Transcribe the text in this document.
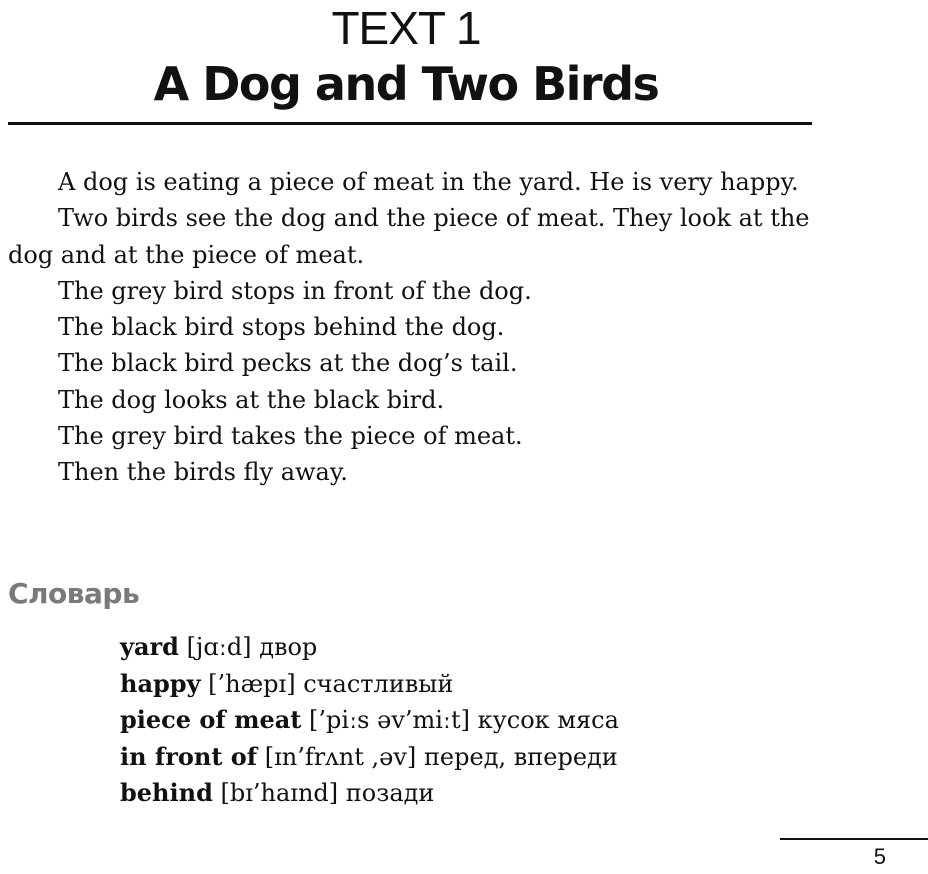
TEXT 1
A Dog and Two Birds

A dog is eating a piece of meat in the yard. He is very happy.

Two birds see the dog and the piece of meat. They look at the dog and at the piece of meat.

The grey bird stops in front of the dog.

The black bird stops behind the dog.

The black bird pecks at the dog’s tail.

The dog looks at the black bird.

The grey bird takes the piece of meat.

Then the birds fly away.

Словарь

yard [jɑːd] двор

happy [’hæpɪ] счастливый

piece of meat [’piːs əv’miːt] кусок мяса

in front of [ɪn’frʌnt ,əv] перед, впереди

behind [bɪ’haɪnd] позади

5
